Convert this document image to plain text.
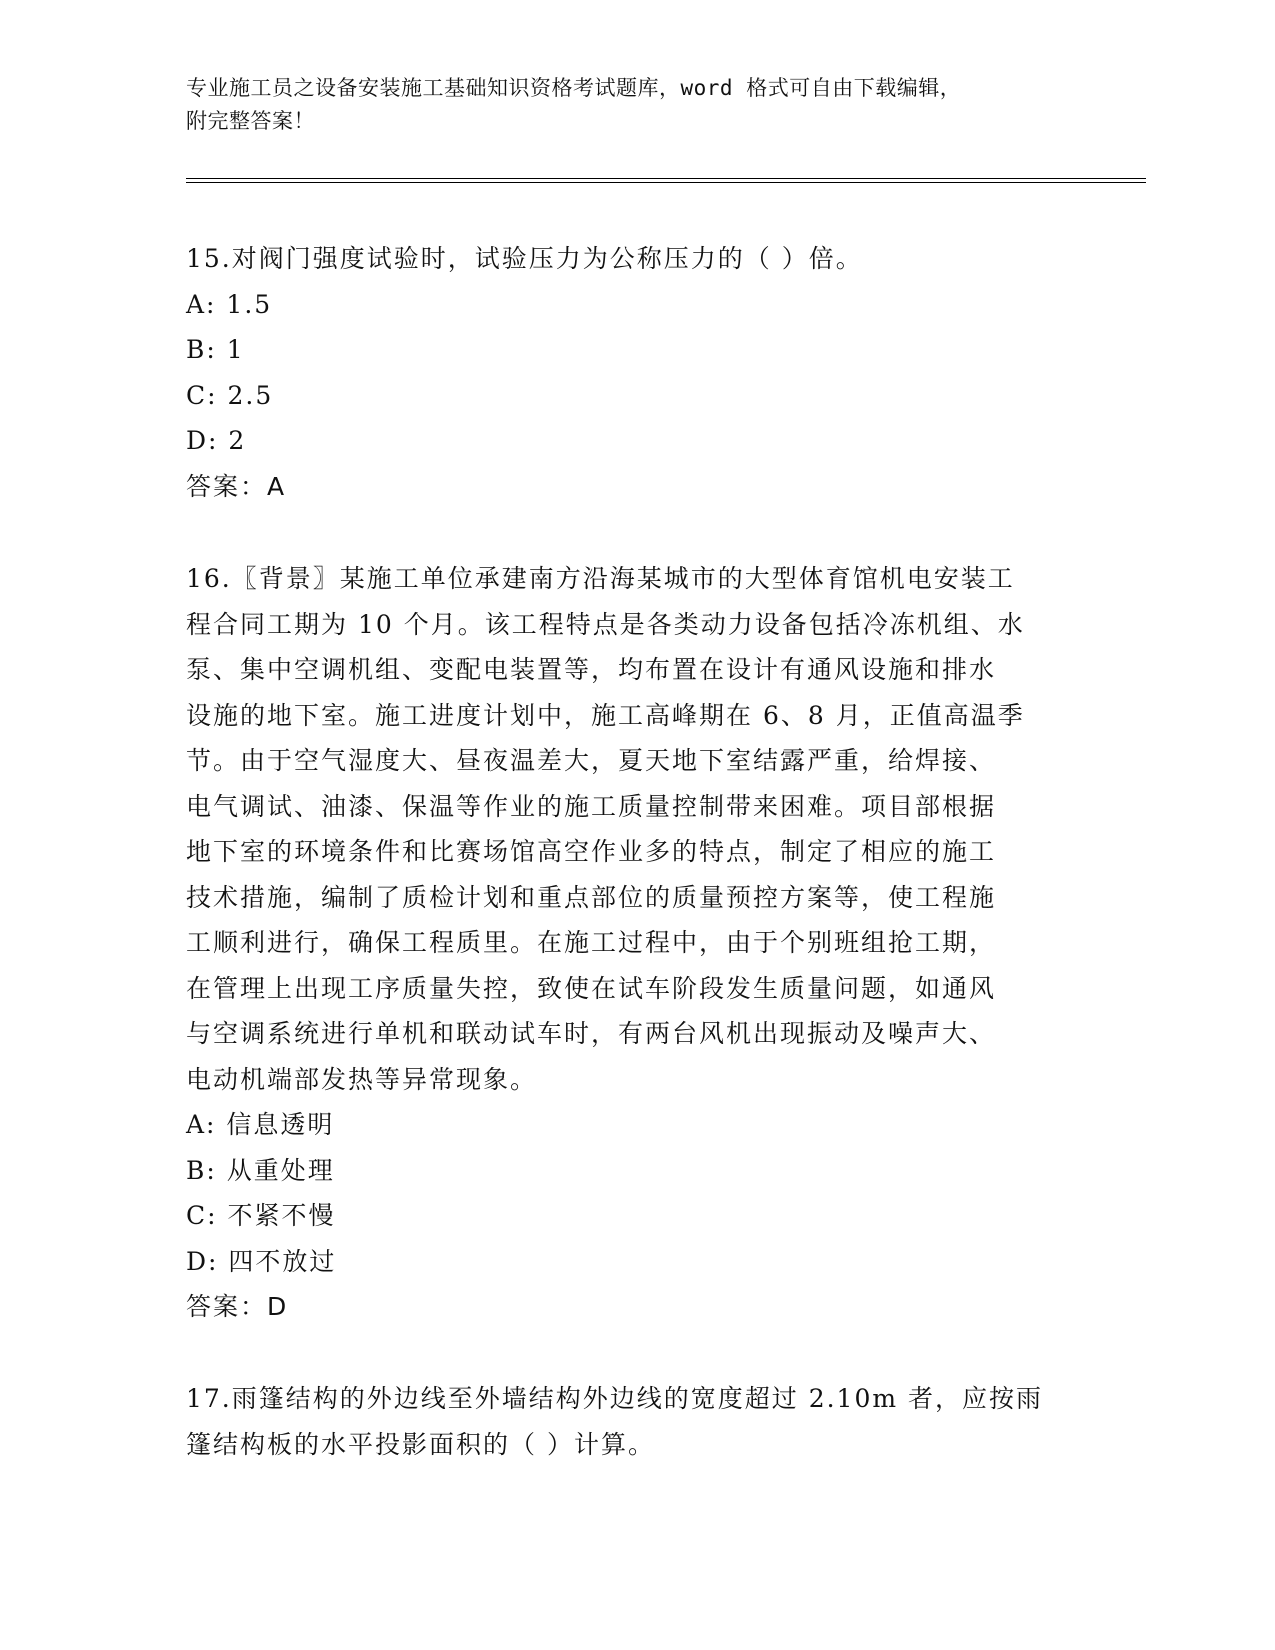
专业施工员之设备安装施工基础知识资格考试题库，word 格式可自由下载编辑，
附完整答案！
15.对阀门强度试验时，试验压力为公称压力的（ ）倍。
A: 1.5
B: 1
C: 2.5
D: 2
答案：A
16.〖背景〗某施工单位承建南方沿海某城市的大型体育馆机电安装工
程合同工期为 10 个月。该工程特点是各类动力设备包括冷冻机组、水
泵、集中空调机组、变配电装置等，均布置在设计有通风设施和排水
设施的地下室。施工进度计划中，施工高峰期在 6、8 月，正值高温季
节。由于空气湿度大、昼夜温差大，夏天地下室结露严重，给焊接、
电气调试、油漆、保温等作业的施工质量控制带来困难。项目部根据
地下室的环境条件和比赛场馆高空作业多的特点，制定了相应的施工
技术措施，编制了质检计划和重点部位的质量预控方案等，使工程施
工顺利进行，确保工程质里。在施工过程中，由于个别班组抢工期，
在管理上出现工序质量失控，致使在试车阶段发生质量问题，如通风
与空调系统进行单机和联动试车时，有两台风机出现振动及噪声大、
电动机端部发热等异常现象。
A: 信息透明
B: 从重处理
C: 不紧不慢
D: 四不放过
答案：D
17.雨篷结构的外边线至外墙结构外边线的宽度超过 2.10m 者，应按雨
篷结构板的水平投影面积的（ ）计算。
